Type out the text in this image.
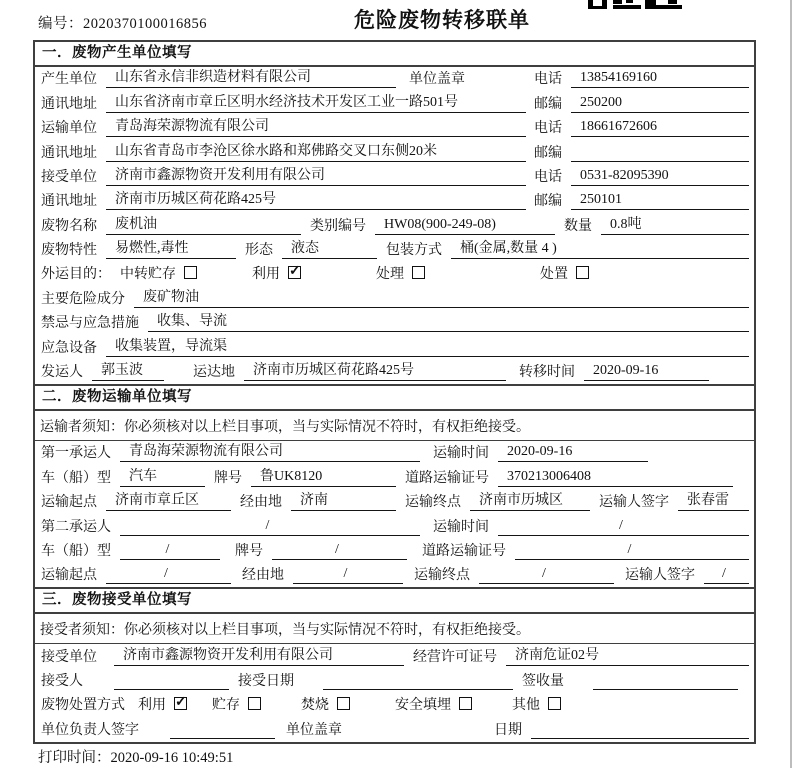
编号：2020370100016856	危险废物转移联单
一．废物产生单位填写
产生单位	山东省永信非织造材料有限公司	单位盖章	电话	13854169160
通讯地址	山东省济南市章丘区明水经济技术开发区工业一路501号	邮编	250200
运输单位	青岛海荣源物流有限公司	电话	18661672606
通讯地址	山东省青岛市李沧区徐水路和郑佛路交叉口东侧20米	邮编
接受单位	济南市鑫源物资开发利用有限公司	电话	0531-82095390
通讯地址	济南市历城区荷花路425号	邮编	250101
废物名称	废机油	类别编号	HW08(900-249-08)	数量	0.8吨
废物特性	易燃性,毒性	形态	液态	包装方式	桶(金属,数量 4 )
外运目的： 中转贮存	利用 ✓	处理	处置
主要危险成分	废矿物油
禁忌与应急措施	收集、导流
应急设备	收集装置，导流渠
发运人	郭玉波	运达地	济南市历城区荷花路425号	转移时间	2020-09-16
二．废物运输单位填写
运输者须知：你必须核对以上栏目事项，当与实际情况不符时，有权拒绝接受。
第一承运人	青岛海荣源物流有限公司	运输时间	2020-09-16
车（船）型	汽车	牌号	鲁UK8120	道路运输证号	370213006408
运输起点	济南市章丘区	经由地	济南	运输终点	济南市历城区	运输人签字	张春雷
第二承运人	/	运输时间	/
车（船）型	/	牌号	/	道路运输证号	/
运输起点	/	经由地	/	运输终点	/	运输人签字	/
三．废物接受单位填写
接受者须知：你必须核对以上栏目事项，当与实际情况不符时，有权拒绝接受。
接受单位	济南市鑫源物资开发利用有限公司	经营许可证号	济南危证02号
接受人	接受日期	签收量
废物处置方式 利用 ✓	贮存	焚烧	安全填埋	其他
单位负责人签字	单位盖章	日期
打印时间：2020-09-16 10:49:51
